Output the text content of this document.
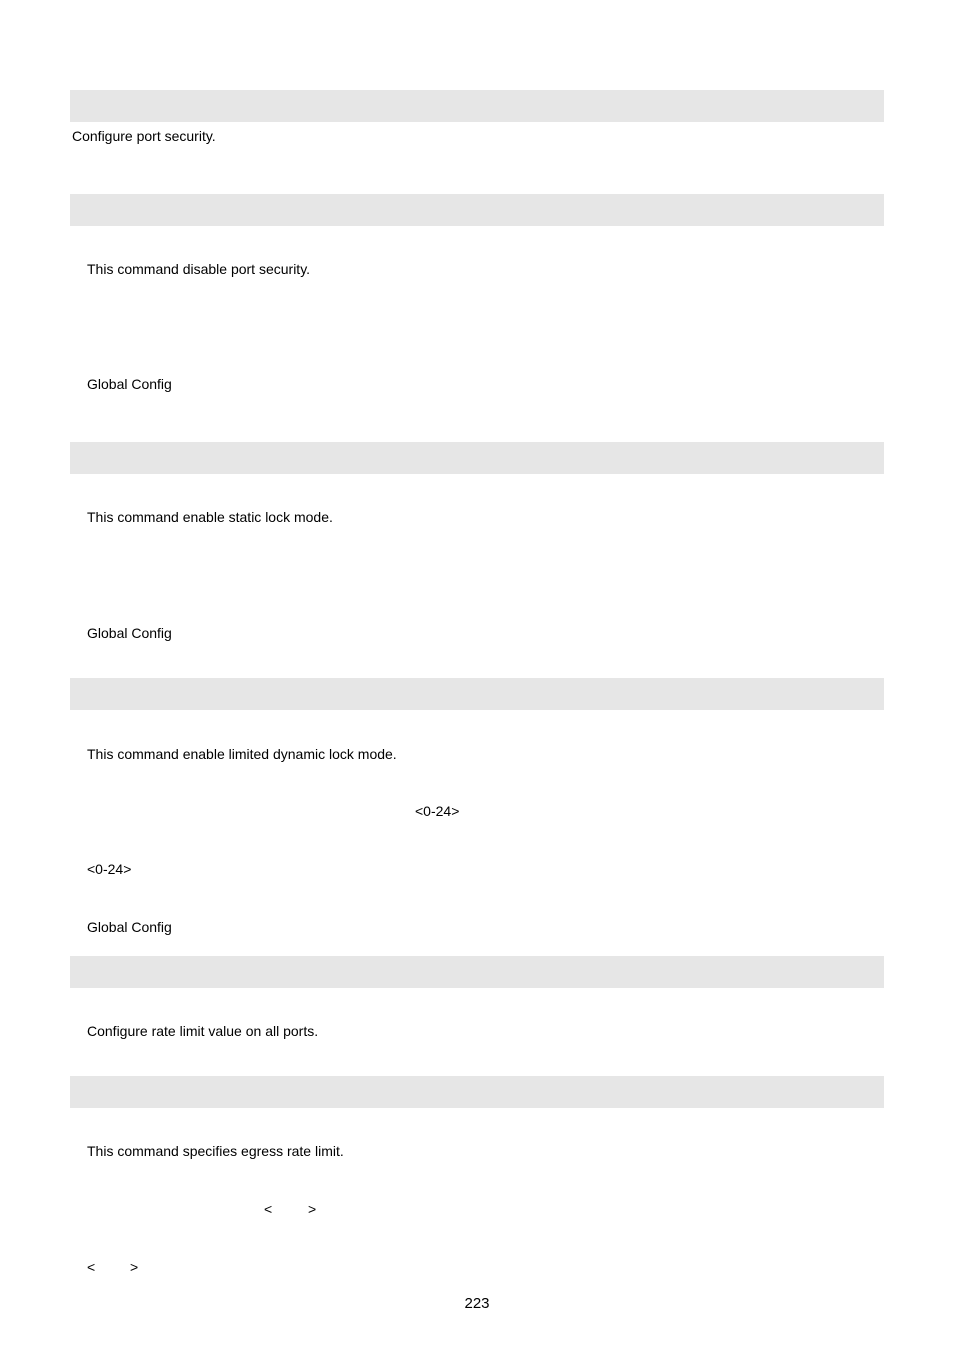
Configure port security.
This command disable port security.
Global Config
This command enable static lock mode.
Global Config
This command enable limited dynamic lock mode.
<0-24>
<0-24>
Global Config
Configure rate limit value on all ports.
This command specifies egress rate limit.
<	>
< >
223
